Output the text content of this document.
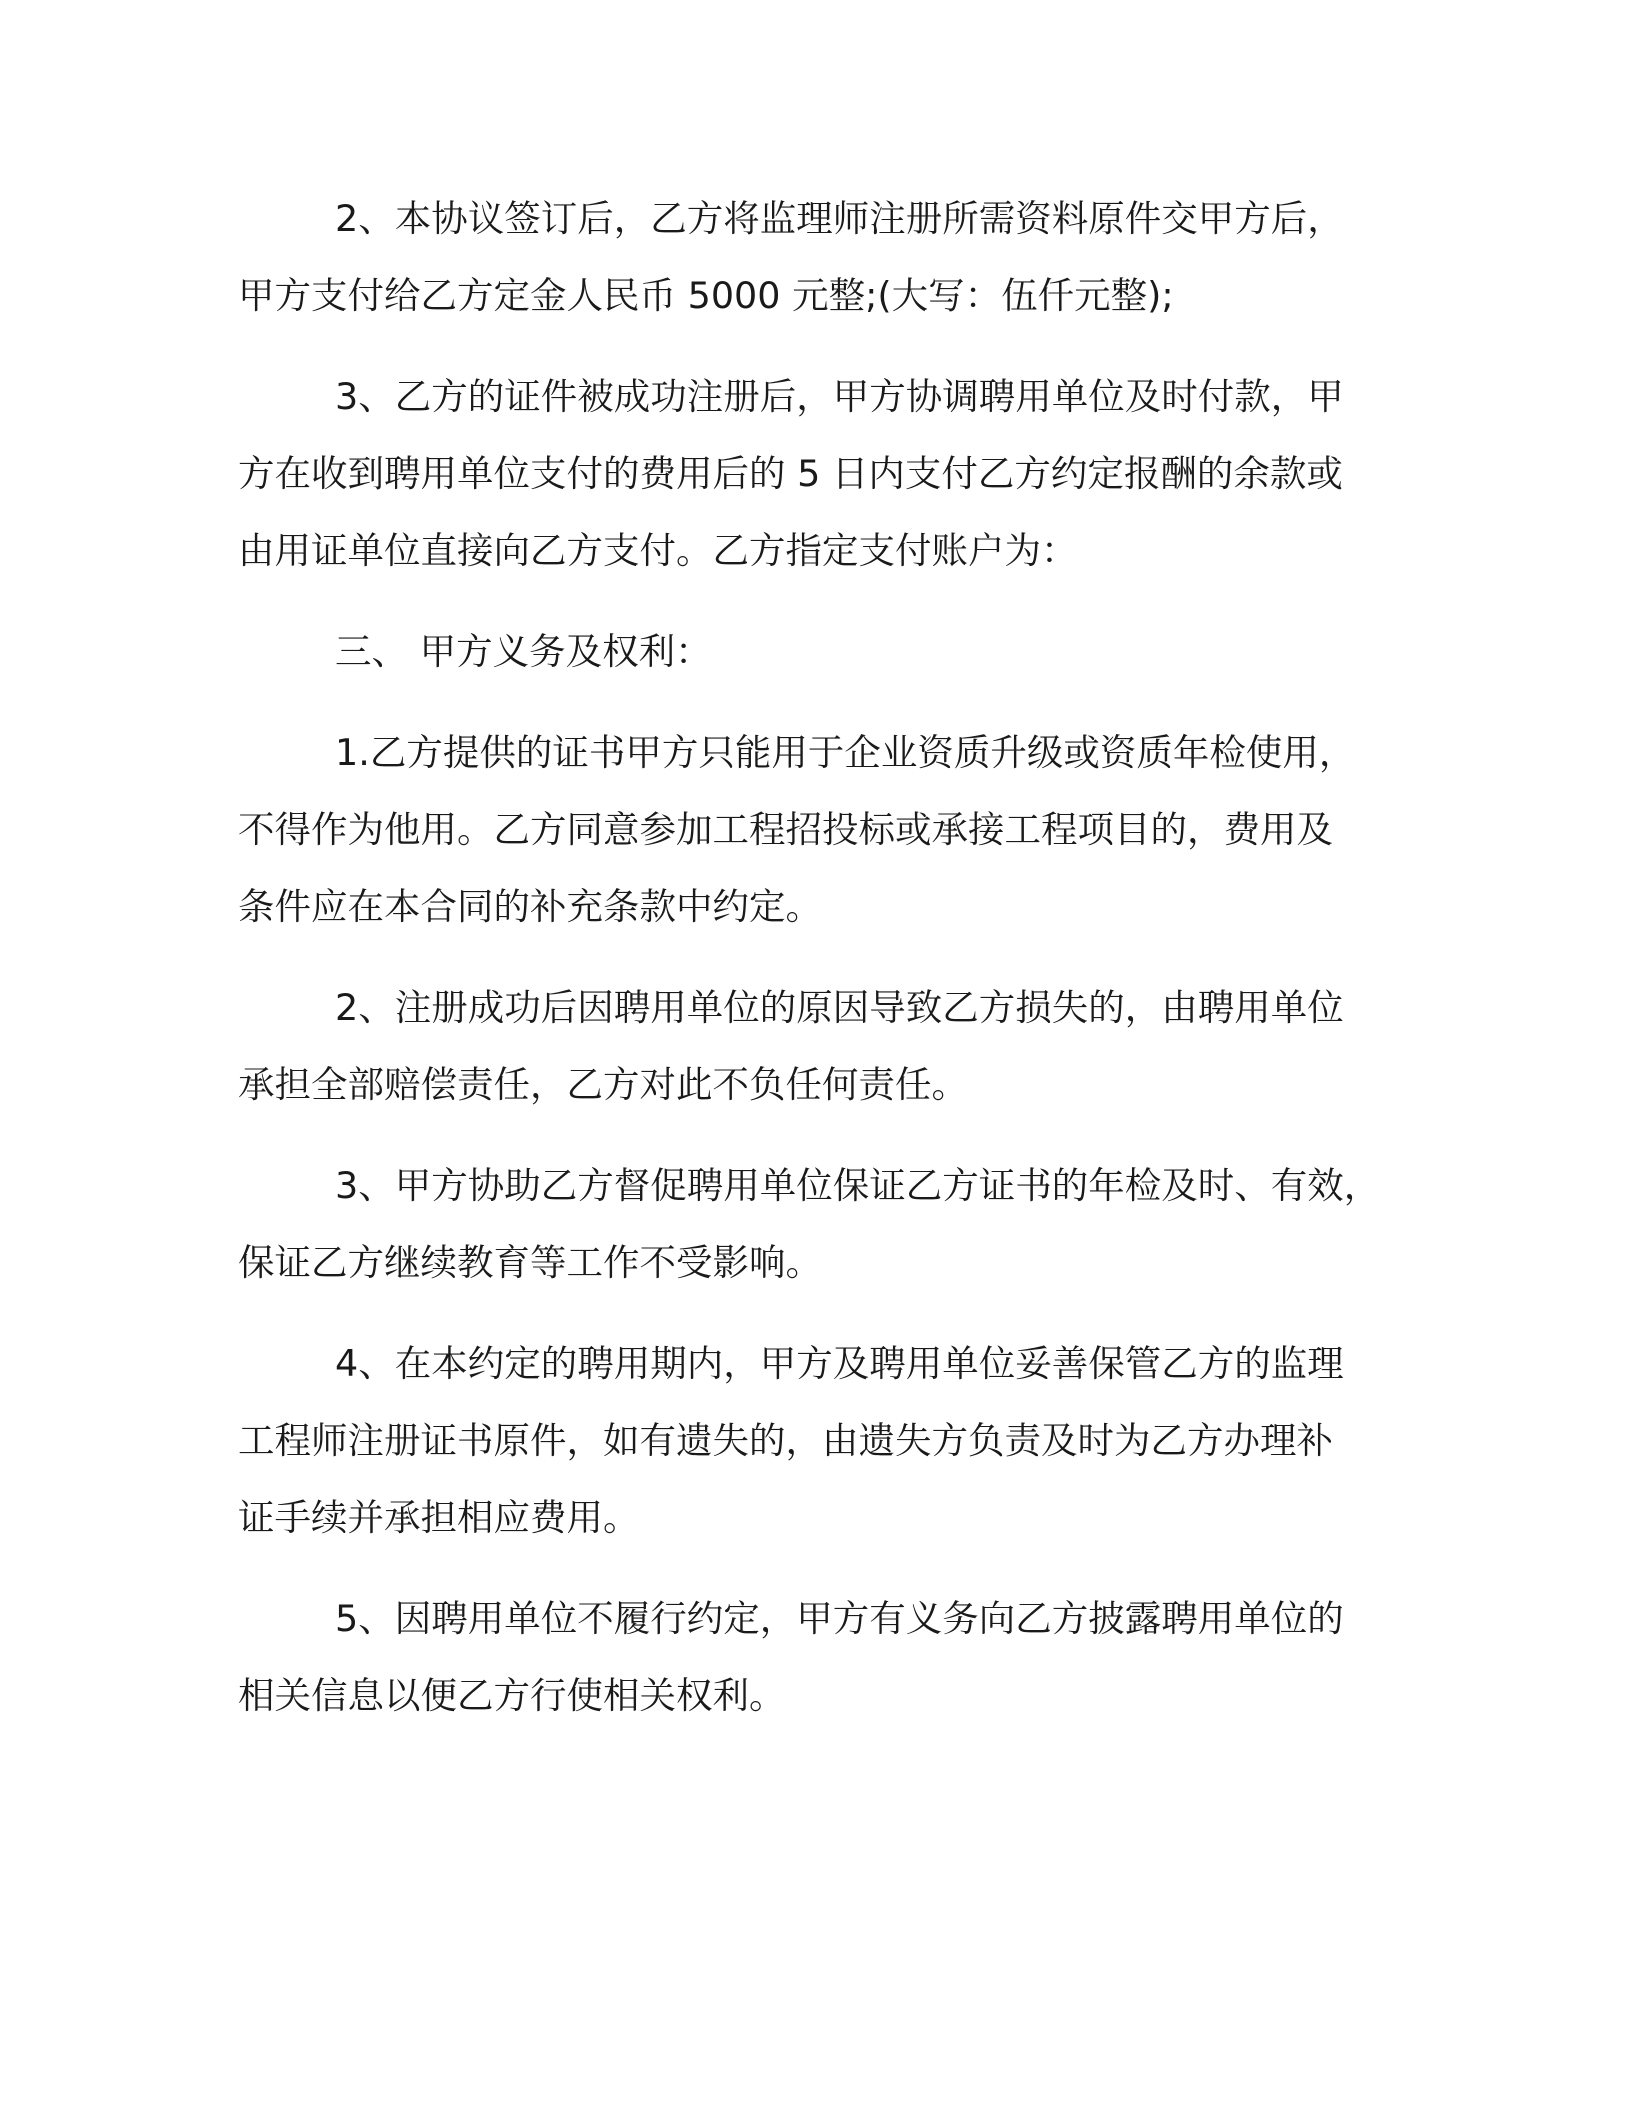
2、本协议签订后，乙方将监理师注册所需资料原件交甲方后，
甲方支付给乙方定金人民币 5000 元整;(大写：伍仟元整);

3、乙方的证件被成功注册后，甲方协调聘用单位及时付款，甲
方在收到聘用单位支付的费用后的 5 日内支付乙方约定报酬的余款或
由用证单位直接向乙方支付。乙方指定支付账户为：

三、 甲方义务及权利：

1.乙方提供的证书甲方只能用于企业资质升级或资质年检使用，
不得作为他用。乙方同意参加工程招投标或承接工程项目的，费用及
条件应在本合同的补充条款中约定。

2、注册成功后因聘用单位的原因导致乙方损失的，由聘用单位
承担全部赔偿责任，乙方对此不负任何责任。

3、甲方协助乙方督促聘用单位保证乙方证书的年检及时、有效，
保证乙方继续教育等工作不受影响。

4、在本约定的聘用期内，甲方及聘用单位妥善保管乙方的监理
工程师注册证书原件，如有遗失的，由遗失方负责及时为乙方办理补
证手续并承担相应费用。

5、因聘用单位不履行约定，甲方有义务向乙方披露聘用单位的
相关信息以便乙方行使相关权利。
